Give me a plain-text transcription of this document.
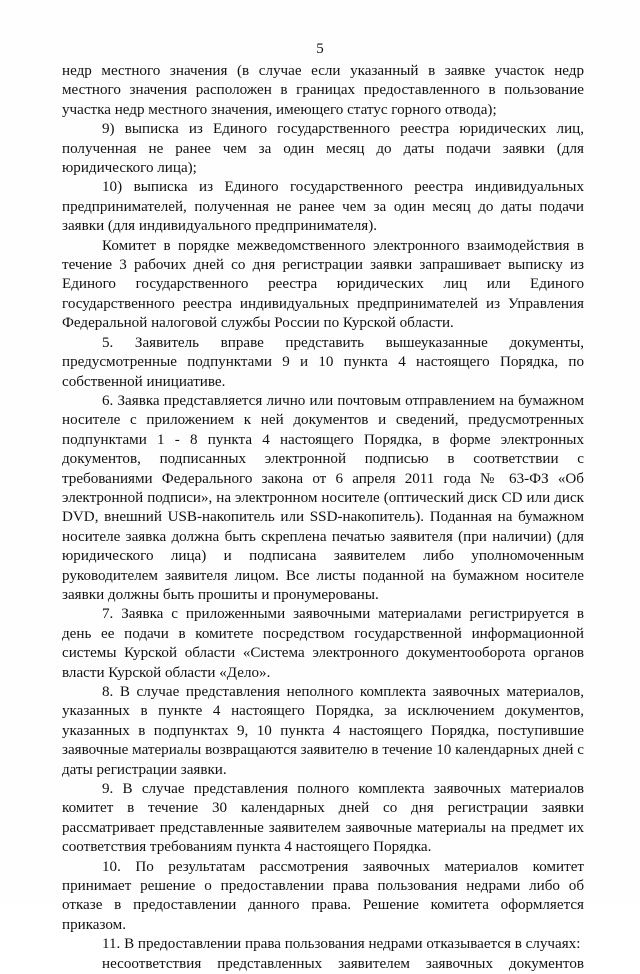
5

недр местного значения (в случае если указанный в заявке участок недр местного значения расположен в границах предоставленного в пользование участка недр местного значения, имеющего статус горного отвода);

9) выписка из Единого государственного реестра юридических лиц, полученная не ранее чем за один месяц до даты подачи заявки (для юридического лица);

10) выписка из Единого государственного реестра индивидуальных предпринимателей, полученная не ранее чем за один месяц до даты подачи заявки (для индивидуального предпринимателя).

Комитет в порядке межведомственного электронного взаимодействия в течение 3 рабочих дней со дня регистрации заявки запрашивает выписку из Единого государственного реестра юридических лиц или Единого государственного реестра индивидуальных предпринимателей из Управления Федеральной налоговой службы России по Курской области.

5. Заявитель вправе представить вышеуказанные документы, предусмотренные подпунктами 9 и 10 пункта 4 настоящего Порядка, по собственной инициативе.

6. Заявка представляется лично или почтовым отправлением на бумажном носителе с приложением к ней документов и сведений, предусмотренных подпунктами 1 - 8 пункта 4 настоящего Порядка, в форме электронных документов, подписанных электронной подписью в соответствии с требованиями Федерального закона от 6 апреля 2011 года № 63-ФЗ «Об электронной подписи», на электронном носителе (оптический диск CD или диск DVD, внешний USB-накопитель или SSD-накопитель). Поданная на бумажном носителе заявка должна быть скреплена печатью заявителя (при наличии) (для юридического лица) и подписана заявителем либо уполномоченным руководителем заявителя лицом. Все листы поданной на бумажном носителе заявки должны быть прошиты и пронумерованы.

7. Заявка с приложенными заявочными материалами регистрируется в день ее подачи в комитете посредством государственной информационной системы Курской области «Система электронного документооборота органов власти Курской области «Дело».

8. В случае представления неполного комплекта заявочных материалов, указанных в пункте 4 настоящего Порядка, за исключением документов, указанных в подпунктах 9, 10 пункта 4 настоящего Порядка, поступившие заявочные материалы возвращаются заявителю в течение 10 календарных дней с даты регистрации заявки.

9. В случае представления полного комплекта заявочных материалов комитет в течение 30 календарных дней со дня регистрации заявки рассматривает представленные заявителем заявочные материалы на предмет их соответствия требованиям пункта 4 настоящего Порядка.

10. По результатам рассмотрения заявочных материалов комитет принимает решение о предоставлении права пользования недрами либо об отказе в предоставлении данного права. Решение комитета оформляется приказом.

11. В предоставлении права пользования недрами отказывается в случаях:

несоответствия представленных заявителем заявочных документов
